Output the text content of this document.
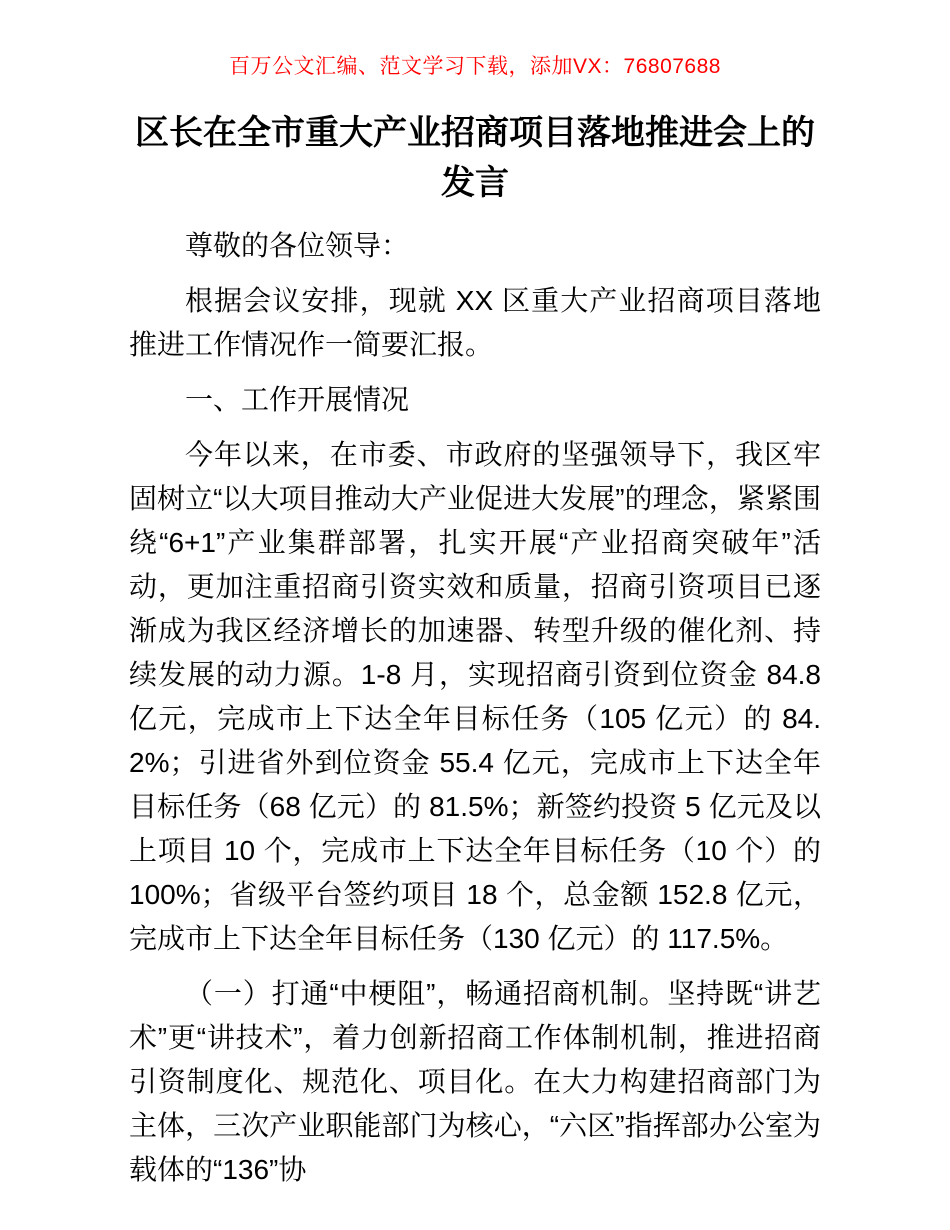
百万公文汇编、范文学习下载，添加VX：76807688
区长在全市重大产业招商项目落地推进会上的发言

尊敬的各位领导：

根据会议安排，现就 XX 区重大产业招商项目落地推进工作情况作一简要汇报。

一、工作开展情况

今年以来，在市委、市政府的坚强领导下，我区牢固树立“以大项目推动大产业促进大发展”的理念，紧紧围绕“6+1”产业集群部署，扎实开展“产业招商突破年”活动，更加注重招商引资实效和质量，招商引资项目已逐渐成为我区经济增长的加速器、转型升级的催化剂、持续发展的动力源。1-8 月，实现招商引资到位资金 84.8 亿元，完成市上下达全年目标任务（105 亿元）的 84.2%；引进省外到位资金 55.4 亿元，完成市上下达全年目标任务（68 亿元）的 81.5%；新签约投资 5 亿元及以上项目 10 个，完成市上下达全年目标任务（10 个）的 100%；省级平台签约项目 18 个，总金额 152.8 亿元，完成市上下达全年目标任务（130 亿元）的 117.5%。

（一）打通“中梗阻”，畅通招商机制。坚持既“讲艺术”更“讲技术”，着力创新招商工作体制机制，推进招商引资制度化、规范化、项目化。在大力构建招商部门为主体，三次产业职能部门为核心，“六区”指挥部办公室为载体的“136”协
